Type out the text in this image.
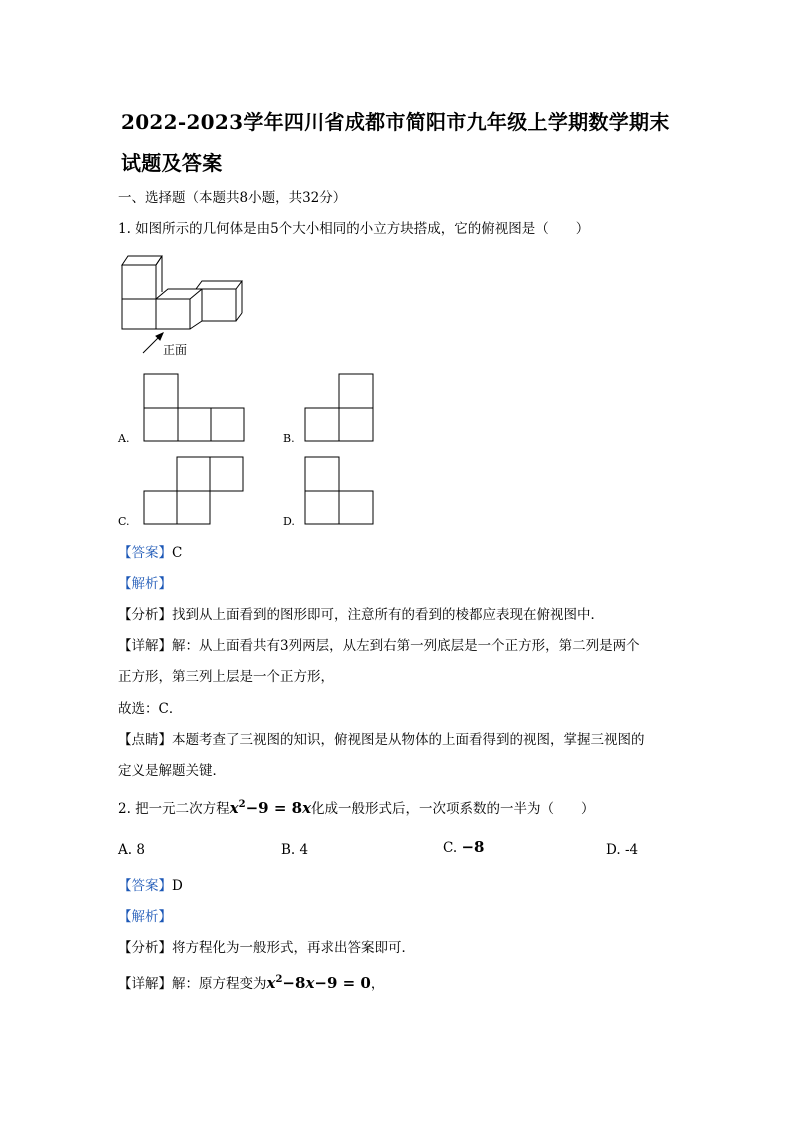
2022-2023学年四川省成都市简阳市九年级上学期数学期末
试题及答案
一、选择题（本题共8小题，共32分）
1. 如图所示的几何体是由5个大小相同的小立方块搭成，它的俯视图是（　　）
正面
A.	B.
C.	D.
【答案】C
【解析】
【分析】找到从上面看到的图形即可，注意所有的看到的棱都应表现在俯视图中．
【详解】解：从上面看共有3列两层，从左到右第一列底层是一个正方形，第二列是两个
正方形，第三列上层是一个正方形，
故选：C．
【点睛】本题考查了三视图的知识，俯视图是从物体的上面看得到的视图，掌握三视图的
定义是解题关键．
2. 把一元二次方程$x^2-9 = 8x$化成一般形式后，一次项系数的一半为（　　）
A. 8	B. 4	C. −8	D. -4
【答案】D
【解析】
【分析】将方程化为一般形式，再求出答案即可．
【详解】解：原方程变为$x^2-8x-9 = 0$，
